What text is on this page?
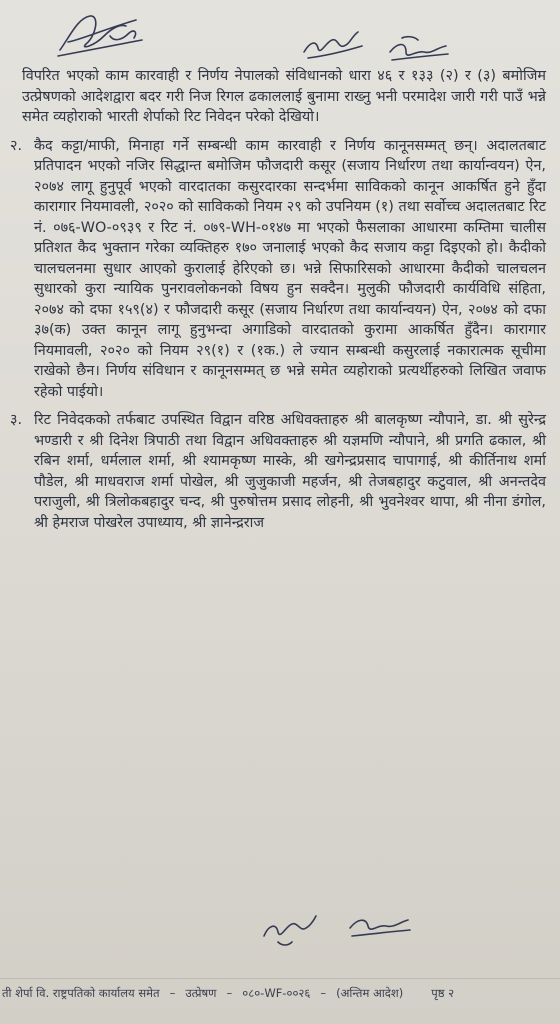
विपरित भएको काम कारवाही र निर्णय नेपालको संविधानको धारा ४६ र १३३ (२) र (३) बमोजिम उत्प्रेषणको आदेशद्वारा बदर गरी निज रिगल ढकाललाई बुनामा राख्नु भनी परमादेश जारी गरी पाउँ भन्ने समेत व्यहोराको भारती शेर्पाको रिट निवेदन परेको देखियो।

२. कैद कट्टा/माफी, मिनाहा गर्ने सम्बन्धी काम कारवाही र निर्णय कानूनसम्मत् छन्। अदालतबाट प्रतिपादन भएको नजिर सिद्धान्त बमोजिम फौजदारी कसूर (सजाय निर्धारण तथा कार्यान्वयन) ऐन, २०७४ लागू हुनुपूर्व भएको वारदातका कसुरदारका सन्दर्भमा साविकको कानून आकर्षित हुने हुँदा कारागार नियमावली, २०२० को साविकको नियम २९ को उपनियम (१) तथा सर्वोच्च अदालतबाट रिट नं. ०७६-WO-०९३९ र रिट नं. ०७९-WH-०१४७ मा भएको फैसलाका आधारमा कम्तिमा चालीस प्रतिशत कैद भुक्तान गरेका व्यक्तिहरु १७० जनालाई भएको कैद सजाय कट्टा दिइएको हो। कैदीको चालचलनमा सुधार आएको कुरालाई हेरिएको छ। भन्ने सिफारिसको आधारमा कैदीको चालचलन सुधारको कुरा न्यायिक पुनरावलोकनको विषय हुन सक्दैन। मुलुकी फौजदारी कार्यविधि संहिता, २०७४ को दफा १५९(४) र फौजदारी कसूर (सजाय निर्धारण तथा कार्यान्वयन) ऐन, २०७४ को दफा ३७(क) उक्त कानून लागू हुनुभन्दा अगाडिको वारदातको कुरामा आकर्षित हुँदैन। कारागार नियमावली, २०२० को नियम २९(१) र (१क.) ले ज्यान सम्बन्धी कसुरलाई नकारात्मक सूचीमा राखेको छैन। निर्णय संविधान र कानूनसम्मत् छ भन्ने समेत व्यहोराको प्रत्यर्थीहरुको लिखित जवाफ रहेको पाईयो।

३. रिट निवेदकको तर्फबाट उपस्थित विद्वान वरिष्ठ अधिवक्ताहरु श्री बालकृष्ण न्यौपाने, डा. श्री सुरेन्द्र भण्डारी र श्री दिनेश त्रिपाठी तथा विद्वान अधिवक्ताहरु श्री यज्ञमणि न्यौपाने, श्री प्रगति ढकाल, श्री रबिन शर्मा, धर्मलाल शर्मा, श्री श्यामकृष्ण मास्के, श्री खगेन्द्रप्रसाद चापागाई, श्री कीर्तिनाथ शर्मा पौडेल, श्री माधवराज शर्मा पोखेल, श्री जुजुकाजी महर्जन, श्री तेजबहादुर कटुवाल, श्री अनन्तदेव पराजुली, श्री त्रिलोकबहादुर चन्द, श्री पुरुषोत्तम प्रसाद लोहनी, श्री भुवनेश्वर थापा, श्री नीना डंगोल, श्री हेमराज पोखरेल उपाध्याय, श्री ज्ञानेन्द्रराज

ती शेर्पा वि. राष्ट्रपतिको कार्यालय समेत – उत्प्रेषण – ०८०-WF-००२६ – (अन्तिम आदेश) पृष्ठ २
